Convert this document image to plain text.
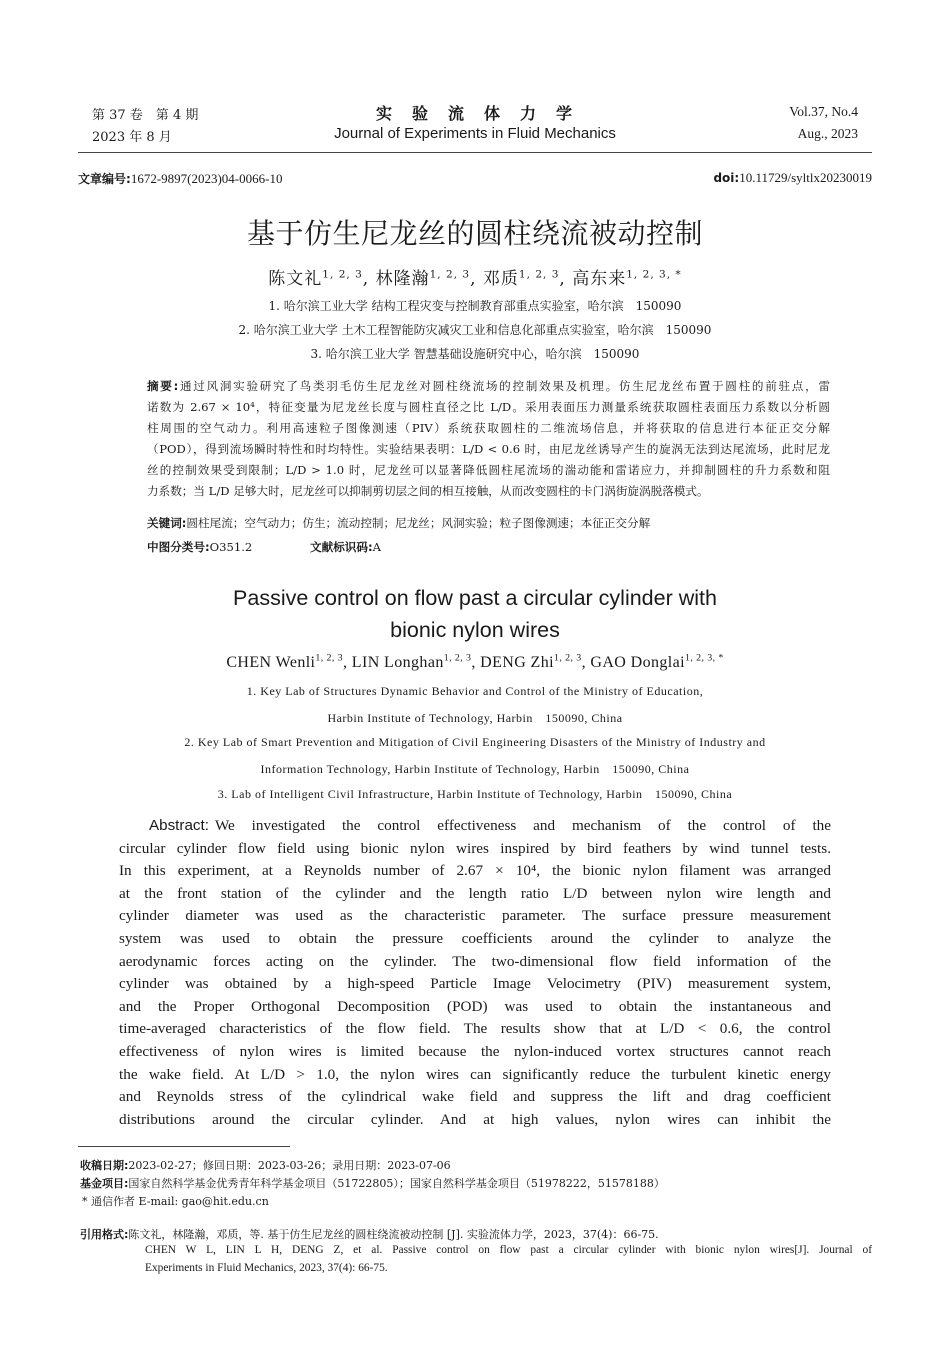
第 37 卷　第 4 期
2023 年 8 月
实　验　流　体　力　学
Journal of Experiments in Fluid Mechanics
Vol.37, No.4
Aug., 2023
文章编号:1672-9897(2023)04-0066-10	doi:10.11729/syltlx20230019
基于仿生尼龙丝的圆柱绕流被动控制
陈文礼$^{1, 2, 3}$, 林隆瀚$^{1, 2, 3}$, 邓质$^{1, 2, 3}$, 高东来$^{1, 2, 3, *}$
1. 哈尔滨工业大学 结构工程灾变与控制教育部重点实验室，哈尔滨　150090
2. 哈尔滨工业大学 土木工程智能防灾减灾工业和信息化部重点实验室，哈尔滨　150090
3. 哈尔滨工业大学 智慧基础设施研究中心，哈尔滨　150090
摘要:通过风洞实验研究了鸟类羽毛仿生尼龙丝对圆柱绕流场的控制效果及机理。仿生尼龙丝布置于圆柱的前驻点，雷
诺数为 2.67 × 10⁴，特征变量为尼龙丝长度与圆柱直径之比 L/D。采用表面压力测量系统获取圆柱表面压力系数以分析圆
柱周围的空气动力。利用高速粒子图像测速（PIV）系统获取圆柱的二维流场信息，并将获取的信息进行本征正交分解
（POD），得到流场瞬时特性和时均特性。实验结果表明：L/D < 0.6 时，由尼龙丝诱导产生的旋涡无法到达尾流场，此时尼龙
丝的控制效果受到限制；L/D > 1.0 时，尼龙丝可以显著降低圆柱尾流场的湍动能和雷诺应力，并抑制圆柱的升力系数和阻
力系数；当 L/D 足够大时，尼龙丝可以抑制剪切层之间的相互接触，从而改变圆柱的卡门涡街旋涡脱落模式。
关键词:圆柱尾流；空气动力；仿生；流动控制；尼龙丝；风洞实验；粒子图像测速；本征正交分解
中图分类号:O351.2	文献标识码:A
Passive control on flow past a circular cylinder with
bionic nylon wires
CHEN Wenli$^{1, 2, 3}$, LIN Longhan$^{1, 2, 3}$, DENG Zhi$^{1, 2, 3}$, GAO Donglai$^{1, 2, 3, *}$
1. Key Lab of Structures Dynamic Behavior and Control of the Ministry of Education,
Harbin Institute of Technology, Harbin　150090, China
2. Key Lab of Smart Prevention and Mitigation of Civil Engineering Disasters of the Ministry of Industry and
Information Technology, Harbin Institute of Technology, Harbin　150090, China
3. Lab of Intelligent Civil Infrastructure, Harbin Institute of Technology, Harbin　150090, China
Abstract: We investigated the control effectiveness and mechanism of the control of the
circular cylinder flow field using bionic nylon wires inspired by bird feathers by wind tunnel tests.
In this experiment, at a Reynolds number of 2.67 × 10⁴, the bionic nylon filament was arranged
at the front station of the cylinder and the length ratio L/D between nylon wire length and
cylinder diameter was used as the characteristic parameter. The surface pressure measurement
system was used to obtain the pressure coefficients around the cylinder to analyze the
aerodynamic forces acting on the cylinder. The two-dimensional flow field information of the
cylinder was obtained by a high-speed Particle Image Velocimetry (PIV) measurement system,
and the Proper Orthogonal Decomposition (POD) was used to obtain the instantaneous and
time-averaged characteristics of the flow field. The results show that at L/D < 0.6, the control
effectiveness of nylon wires is limited because the nylon-induced vortex structures cannot reach
the wake field. At L/D > 1.0, the nylon wires can significantly reduce the turbulent kinetic energy
and Reynolds stress of the cylindrical wake field and suppress the lift and drag coefficient
distributions around the circular cylinder. And at high values, nylon wires can inhibit the
收稿日期:2023-02-27；修回日期：2023-03-26；录用日期：2023-07-06
基金项目:国家自然科学基金优秀青年科学基金项目（51722805）；国家自然科学基金项目（51978222，51578188）
* 通信作者 E-mail: gao@hit.edu.cn
引用格式:陈文礼，林隆瀚，邓质，等. 基于仿生尼龙丝的圆柱绕流被动控制 [J]. 实验流体力学，2023，37(4)：66-75.
CHEN W L, LIN L H, DENG Z, et al. Passive control on flow past a circular cylinder with bionic nylon wires[J]. Journal of
Experiments in Fluid Mechanics, 2023, 37(4): 66-75.
